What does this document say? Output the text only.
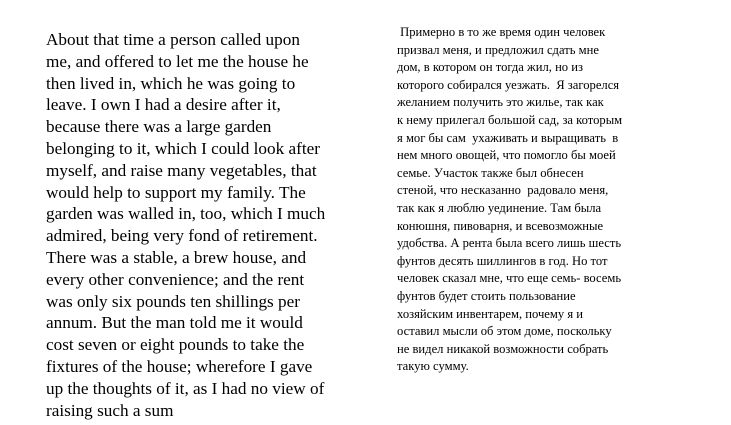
About that time a person called upon
me, and offered to let me the house he
then lived in, which he was going to
leave. I own I had a desire after it,
because there was a large garden
belonging to it, which I could look after
myself, and raise many vegetables, that
would help to support my family. The
garden was walled in, too, which I much
admired, being very fond of retirement.
There was a stable, a brew house, and
every other convenience; and the rent
was only six pounds ten shillings per
annum. But the man told me it would
cost seven or eight pounds to take the
fixtures of the house; wherefore I gave
up the thoughts of it, as I had no view of
raising such a sum
Примерно в то же время один человек
призвал меня, и предложил сдать мне
дом, в котором он тогда жил, но из
которого собирался уезжать.  Я загорелся
желанием получить это жилье, так как
к нему прилегал большой сад, за которым
я мог бы сам  ухаживать и выращивать  в
нем много овощей, что помогло бы моей
семье. Участок также был обнесен
стеной, что несказанно  радовало меня,
так как я люблю уединение. Там была
конюшня, пивоварня, и всевозможные
удобства. А рента была всего лишь шесть
фунтов десять шиллингов в год. Но тот
человек сказал мне, что еще семь- восемь
фунтов будет стоить пользование
хозяйским инвентарем, почему я и
оставил мысли об этом доме, поскольку
не видел никакой возможности собрать
такую сумму.
